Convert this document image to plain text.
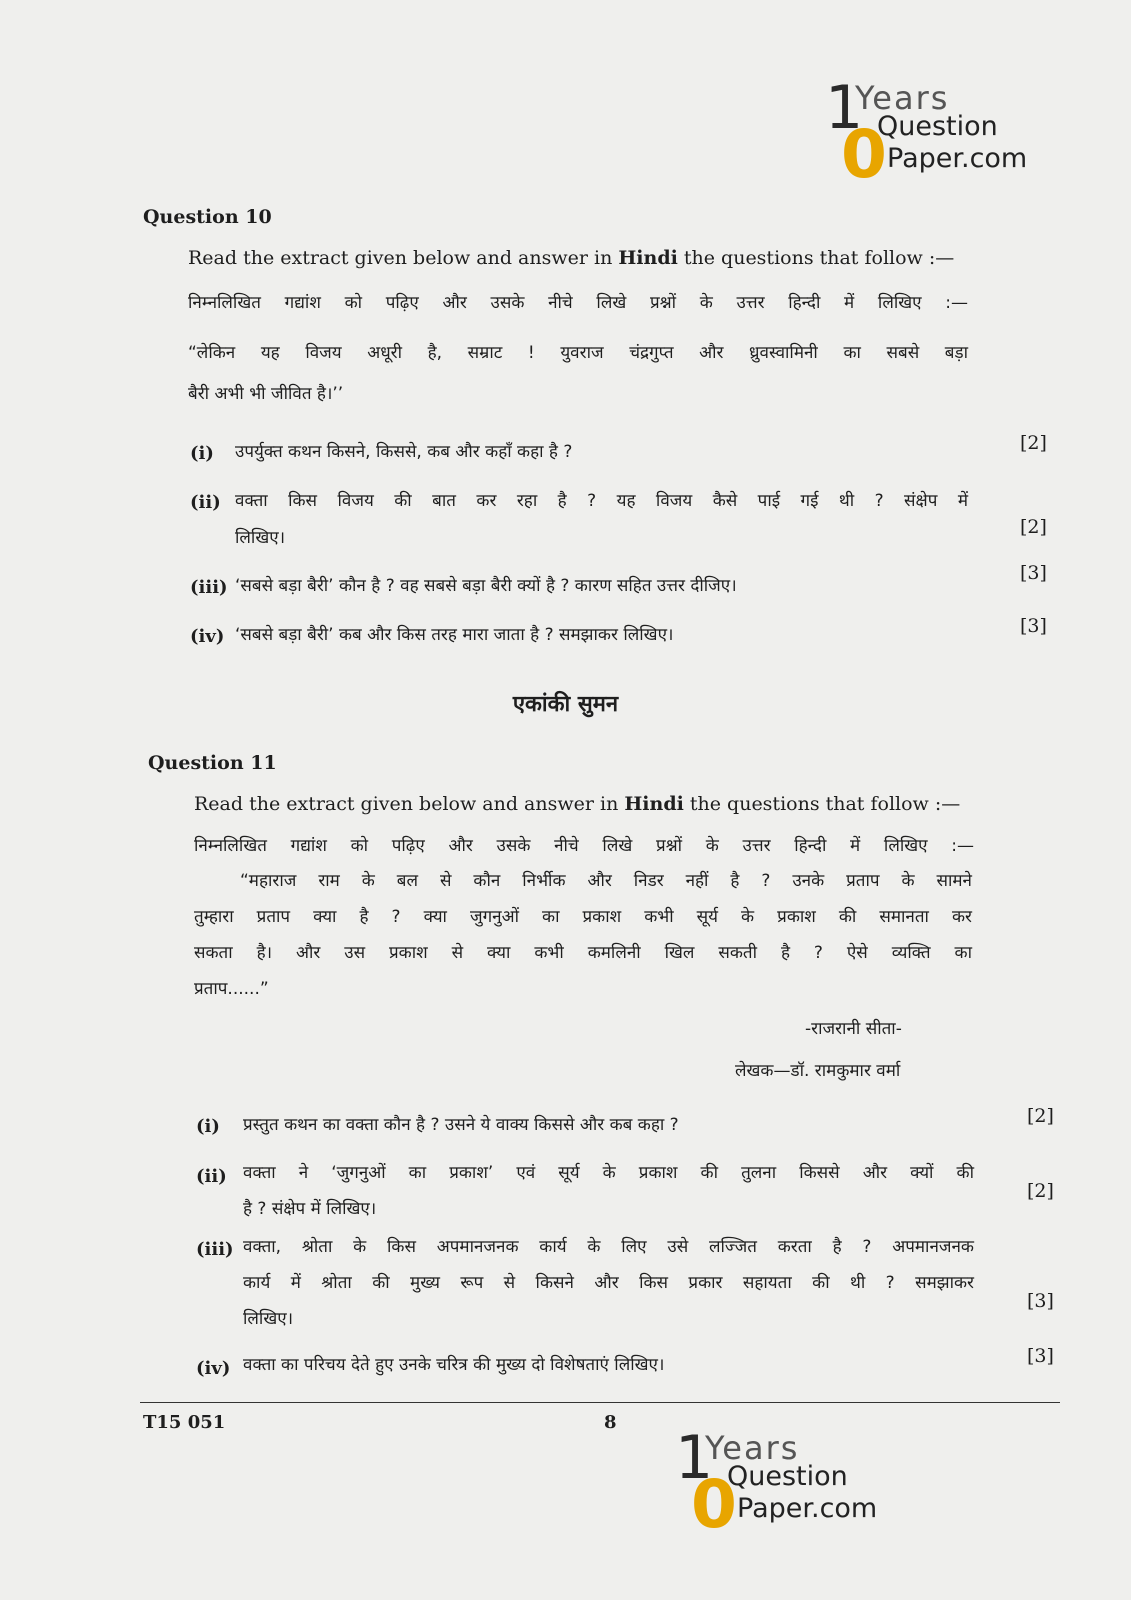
1
0
Years
Question
Paper.com
Question 10
Read the extract given below and answer in Hindi the questions that follow :—
निम्नलिखित गद्यांश को पढ़िए और उसके नीचे लिखे प्रश्नों के उत्तर हिन्दी में लिखिए :—
“लेकिन यह विजय अधूरी है, सम्राट ! युवराज चंद्रगुप्त और ध्रुवस्वामिनी का सबसे बड़ा
बैरी अभी भी जीवित है।’’
(i) उपर्युक्त कथन किसने, किससे, कब और कहाँ कहा है ?	[2]
(ii) वक्ता किस विजय की बात कर रहा है ? यह विजय कैसे पाई गई थी ? संक्षेप में
लिखिए।	[2]
(iii) ‘सबसे बड़ा बैरी’ कौन है ? वह सबसे बड़ा बैरी क्यों है ? कारण सहित उत्तर दीजिए।
[3]
(iv) ‘सबसे बड़ा बैरी’ कब और किस तरह मारा जाता है ? समझाकर लिखिए।	[3]
एकांकी सुमन
Question 11
Read the extract given below and answer in Hindi the questions that follow :—
निम्नलिखित गद्यांश को पढ़िए और उसके नीचे लिखे प्रश्नों के उत्तर हिन्दी में लिखिए :—
“महाराज राम के बल से कौन निर्भीक और निडर नहीं है ? उनके प्रताप के सामने
तुम्हारा प्रताप क्या है ? क्या जुगनुओं का प्रकाश कभी सूर्य के प्रकाश की समानता कर
सकता है। और उस प्रकाश से क्या कभी कमलिनी खिल सकती है ? ऐसे व्यक्ति का
प्रताप......”
-राजरानी सीता-
लेखक—डॉ. रामकुमार वर्मा
(i) प्रस्तुत कथन का वक्ता कौन है ? उसने ये वाक्य किससे और कब कहा ?	[2]
(ii) वक्ता ने ‘जुगनुओं का प्रकाश’ एवं सूर्य के प्रकाश की तुलना किससे और क्यों की
है ? संक्षेप में लिखिए।
[2]
(iii) वक्ता, श्रोता के किस अपमानजनक कार्य के लिए उसे लज्जित करता है ? अपमानजनक
कार्य में श्रोता की मुख्य रूप से किसने और किस प्रकार सहायता की थी ? समझाकर
लिखिए।
[3]
(iv) वक्ता का परिचय देते हुए उनके चरित्र की मुख्य दो विशेषताएं लिखिए।	[3]
T15 051	8
1
0
Years
Question
Paper.com
